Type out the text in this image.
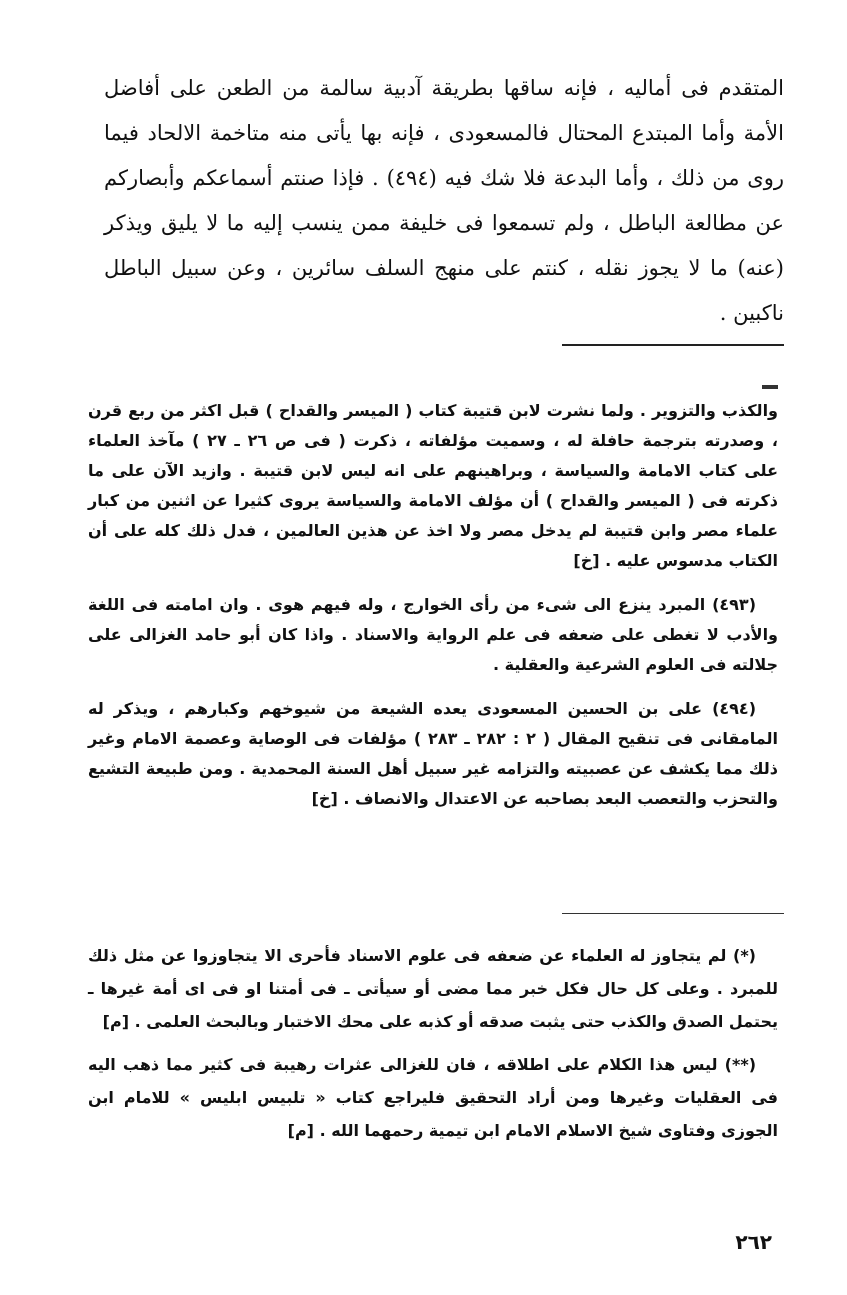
المتقدم فى أماليه ، فإنه ساقها بطريقة آدبية سالمة من الطعن على أفاضل الأمة وأما المبتدع المحتال فالمسعودى ، فإنه بها يأتى منه متاخمة الالحاد فيما روى من ذلك ، وأما البدعة فلا شك فيه (٤٩٤) . فإذا صنتم أسماعكم وأبصاركم عن مطالعة الباطل ، ولم تسمعوا فى خليفة ممن ينسب إليه ما لا يليق ويذكر (عنه) ما لا يجوز نقله ، كنتم على منهج السلف سائرين ، وعن سبيل الباطل ناكبين .

والكذب والتزوير . ولما نشرت لابن قتيبة كتاب ( الميسر والقداح ) قبل اكثر من ربع قرن ، وصدرته بترجمة حافلة له ، وسميت مؤلفاته ، ذكرت ( فى ص ٢٦ ـ ٢٧ ) مآخذ العلماء على كتاب الامامة والسياسة ، وبراهينهم على انه ليس لابن قتيبة . وازيد الآن على ما ذكرته فى ( الميسر والقداح ) أن مؤلف الامامة والسياسة يروى كثيرا عن اثنين من كبار علماء مصر وابن قتيبة لم يدخل مصر ولا اخذ عن هذين العالمين ، فدل ذلك كله على أن الكتاب مدسوس عليه . [خ]

(٤٩٣) المبرد ينزع الى شىء من رأى الخوارج ، وله فيهم هوى . وان امامته فى اللغة والأدب لا تغطى على ضعفه فى علم الرواية والاسناد . واذا كان أبو حامد الغزالى على جلالته فى العلوم الشرعية والعقلية .

(٤٩٤) على بن الحسين المسعودى يعده الشيعة من شيوخهم وكبارهم ، ويذكر له المامقانى فى تنقيح المقال ( ٢ : ٢٨٢ ـ ٢٨٣ ) مؤلفات فى الوصاية وعصمة الامام وغير ذلك مما يكشف عن عصبيته والتزامه غير سبيل أهل السنة المحمدية . ومن طبيعة التشيع والتحزب والتعصب البعد بصاحبه عن الاعتدال والانصاف . [خ]

(*) لم يتجاوز له العلماء عن ضعفه فى علوم الاسناد فأحرى الا يتجاوزوا عن مثل ذلك للمبرد . وعلى كل حال فكل خبر مما مضى أو سيأتى ـ فى أمتنا او فى اى أمة غيرها ـ يحتمل الصدق والكذب حتى يثبت صدقه أو كذبه على محك الاختبار وبالبحث العلمى . [م]

(**) ليس هذا الكلام على اطلاقه ، فان للغزالى عثرات رهيبة فى كثير مما ذهب اليه فى العقليات وغيرها ومن أراد التحقيق فليراجع كتاب « تلبيس ابليس » للامام ابن الجوزى وفتاوى شيخ الاسلام الامام ابن تيمية رحمهما الله . [م]

٢٦٢
